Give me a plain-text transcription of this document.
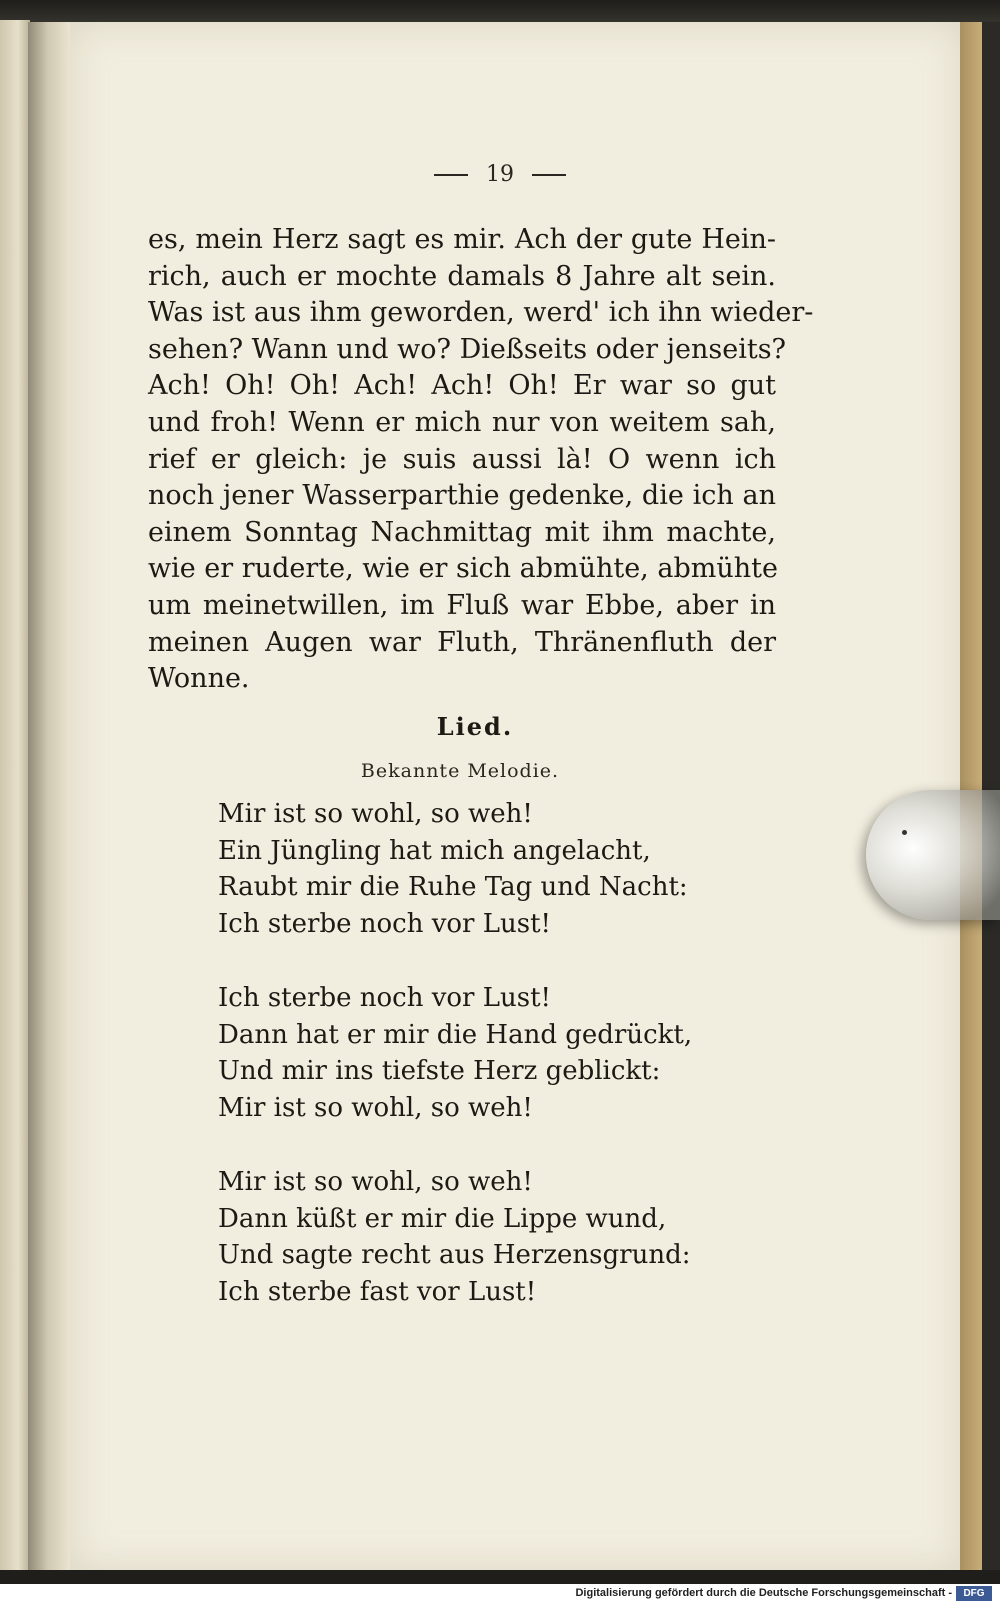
19
es, mein Herz sagt es mir. Ach der gute Hein-
rich, auch er mochte damals 8 Jahre alt sein.
Was ist aus ihm geworden, werd' ich ihn wieder-
sehen? Wann und wo? Dießseits oder jenseits?
Ach! Oh! Oh! Ach! Ach! Oh! Er war so gut
und froh! Wenn er mich nur von weitem sah,
rief er gleich: je suis aussi là! O wenn ich
noch jener Wasserparthie gedenke, die ich an
einem Sonntag Nachmittag mit ihm machte,
wie er ruderte, wie er sich abmühte, abmühte
um meinetwillen, im Fluß war Ebbe, aber in
meinen Augen war Fluth, Thränenfluth der
Wonne.
Lied.
Bekannte Melodie.
Mir ist so wohl, so weh!
Ein Jüngling hat mich angelacht,
Raubt mir die Ruhe Tag und Nacht:
Ich sterbe noch vor Lust!
Ich sterbe noch vor Lust!
Dann hat er mir die Hand gedrückt,
Und mir ins tiefste Herz geblickt:
Mir ist so wohl, so weh!
Mir ist so wohl, so weh!
Dann küßt er mir die Lippe wund,
Und sagte recht aus Herzensgrund:
Ich sterbe fast vor Lust!
Digitalisierung gefördert durch die Deutsche Forschungsgemeinschaft -	DFG
